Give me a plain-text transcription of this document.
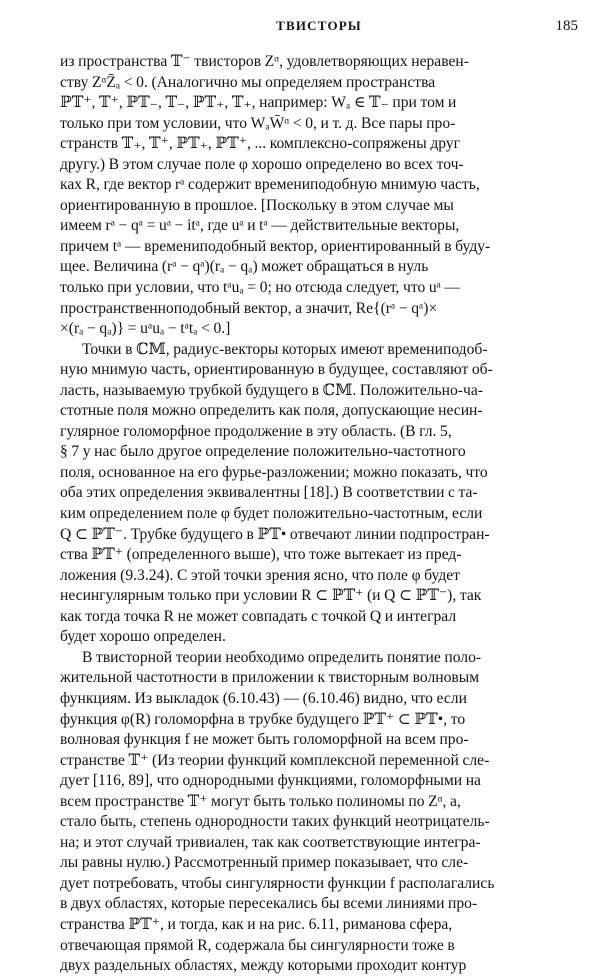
ТВИСТОРЫ	185

из пространства 𝕋⁻ твисторов Zᵅ, удовлетворяющих неравен-
ству ZᵅZ̄ₐ < 0. (Аналогично мы определяем пространства
ℙ𝕋⁺, 𝕋⁺, ℙ𝕋₋, 𝕋₋, ℙ𝕋₊, 𝕋₊, например: Wₐ ∈ 𝕋₋ при том и
только при том условии, что WₐW̄ᵅ < 0, и т. д. Все пары про-
странств 𝕋₊, 𝕋⁺, ℙ𝕋₊, ℙ𝕋⁺, ... комплексно-сопряжены друг
другу.) В этом случае поле φ хорошо определено во всех точ-
ках R, где вектор rᵃ содержит времениподобную мнимую часть,
ориентированную в прошлое. [Поскольку в этом случае мы
имеем rᵃ − qᵃ = uᵃ − itᵃ, где uᵃ и tᵃ — действительные векторы,
причем tᵃ — времениподобный вектор, ориентированный в буду-
щее. Величина (rᵃ − qᵃ)(rₐ − qₐ) может обращаться в нуль
только при условии, что tᵃuₐ = 0; но отсюда следует, что uᵃ —
пространственноподобный вектор, а значит, Re{(rᵃ − qᵃ)×
×(rₐ − qₐ)} = uᵃuₐ − tᵃtₐ < 0.]

Точки в ℂ𝕄, радиус-векторы которых имеют времениподоб-
ную мнимую часть, ориентированную в будущее, составляют об-
ласть, называемую трубкой будущего в ℂ𝕄. Положительно-ча-
стотные поля можно определить как поля, допускающие несин-
гулярное голоморфное продолжение в эту область. (В гл. 5,
§ 7 у нас было другое определение положительно-частотного
поля, основанное на его фурье-разложении; можно показать, что
оба этих определения эквивалентны [18].) В соответствии с та-
ким определением поле φ будет положительно-частотным, если
Q ⊂ ℙ𝕋⁻. Трубке будущего в ℙ𝕋• отвечают линии подпростран-
ства ℙ𝕋⁺ (определенного выше), что тоже вытекает из пред-
ложения (9.3.24). С этой точки зрения ясно, что поле φ будет
несингулярным только при условии R ⊂ ℙ𝕋⁺ (и Q ⊂ ℙ𝕋⁻), так
как тогда точка R не может совпадать с точкой Q и интеграл
будет хорошо определен.

В твисторной теории необходимо определить понятие поло-
жительной частотности в приложении к твисторным волновым
функциям. Из выкладок (6.10.43) — (6.10.46) видно, что если
функция φ(R) голоморфна в трубке будущего ℙ𝕋⁺ ⊂ ℙ𝕋•, то
волновая функция f не может быть голоморфной на всем про-
странстве 𝕋⁺ (Из теории функций комплексной переменной сле-
дует [116, 89], что однородными функциями, голоморфными на
всем пространстве 𝕋⁺ могут быть только полиномы по Zᵅ, а,
стало быть, степень однородности таких функций неотрицатель-
на; и этот случай тривиален, так как соответствующие интегра-
лы равны нулю.) Рассмотренный пример показывает, что сле-
дует потребовать, чтобы сингулярности функции f располагались
в двух областях, которые пересекались бы всеми линиями про-
странства ℙ𝕋⁺, и тогда, как и на рис. 6.11, риманова сфера,
отвечающая прямой R, содержала бы сингулярности тоже в
двух раздельных областях, между которыми проходит контур
